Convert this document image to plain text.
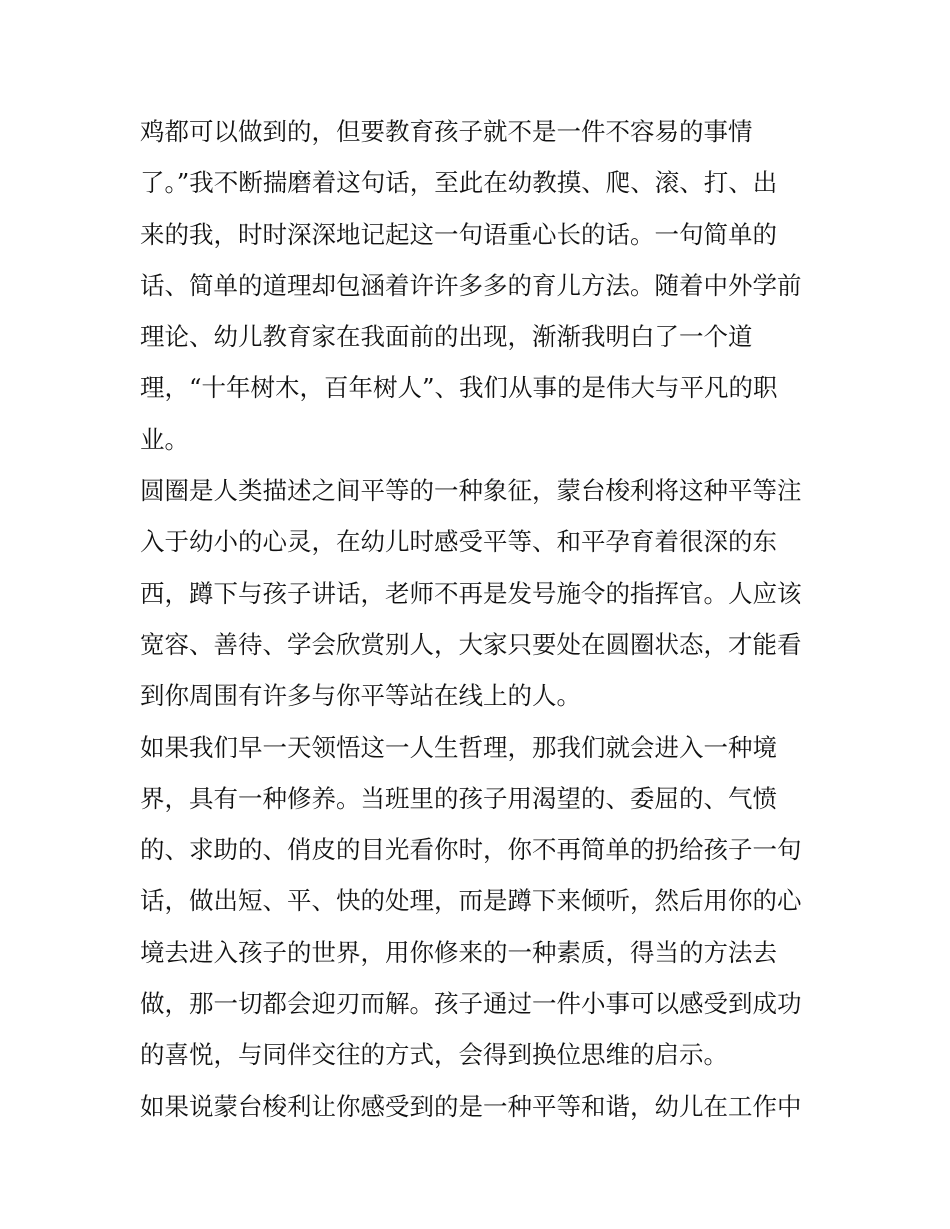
鸡都可以做到的，但要教育孩子就不是一件不容易的事情
了。”我不断揣磨着这句话，至此在幼教摸、爬、滚、打、出
来的我，时时深深地记起这一句语重心长的话。一句简单的
话、简单的道理却包涵着许许多多的育儿方法。随着中外学前
理论、幼儿教育家在我面前的出现，渐渐我明白了一个道
理，“十年树木，百年树人”、我们从事的是伟大与平凡的职
业。
圆圈是人类描述之间平等的一种象征，蒙台梭利将这种平等注
入于幼小的心灵，在幼儿时感受平等、和平孕育着很深的东
西，蹲下与孩子讲话，老师不再是发号施令的指挥官。人应该
宽容、善待、学会欣赏别人，大家只要处在圆圈状态，才能看
到你周围有许多与你平等站在线上的人。
如果我们早一天领悟这一人生哲理，那我们就会进入一种境
界，具有一种修养。当班里的孩子用渴望的、委屈的、气愤
的、求助的、俏皮的目光看你时，你不再简单的扔给孩子一句
话，做出短、平、快的处理，而是蹲下来倾听，然后用你的心
境去进入孩子的世界，用你修来的一种素质，得当的方法去
做，那一切都会迎刃而解。孩子通过一件小事可以感受到成功
的喜悦，与同伴交往的方式，会得到换位思维的启示。
如果说蒙台梭利让你感受到的是一种平等和谐，幼儿在工作中
